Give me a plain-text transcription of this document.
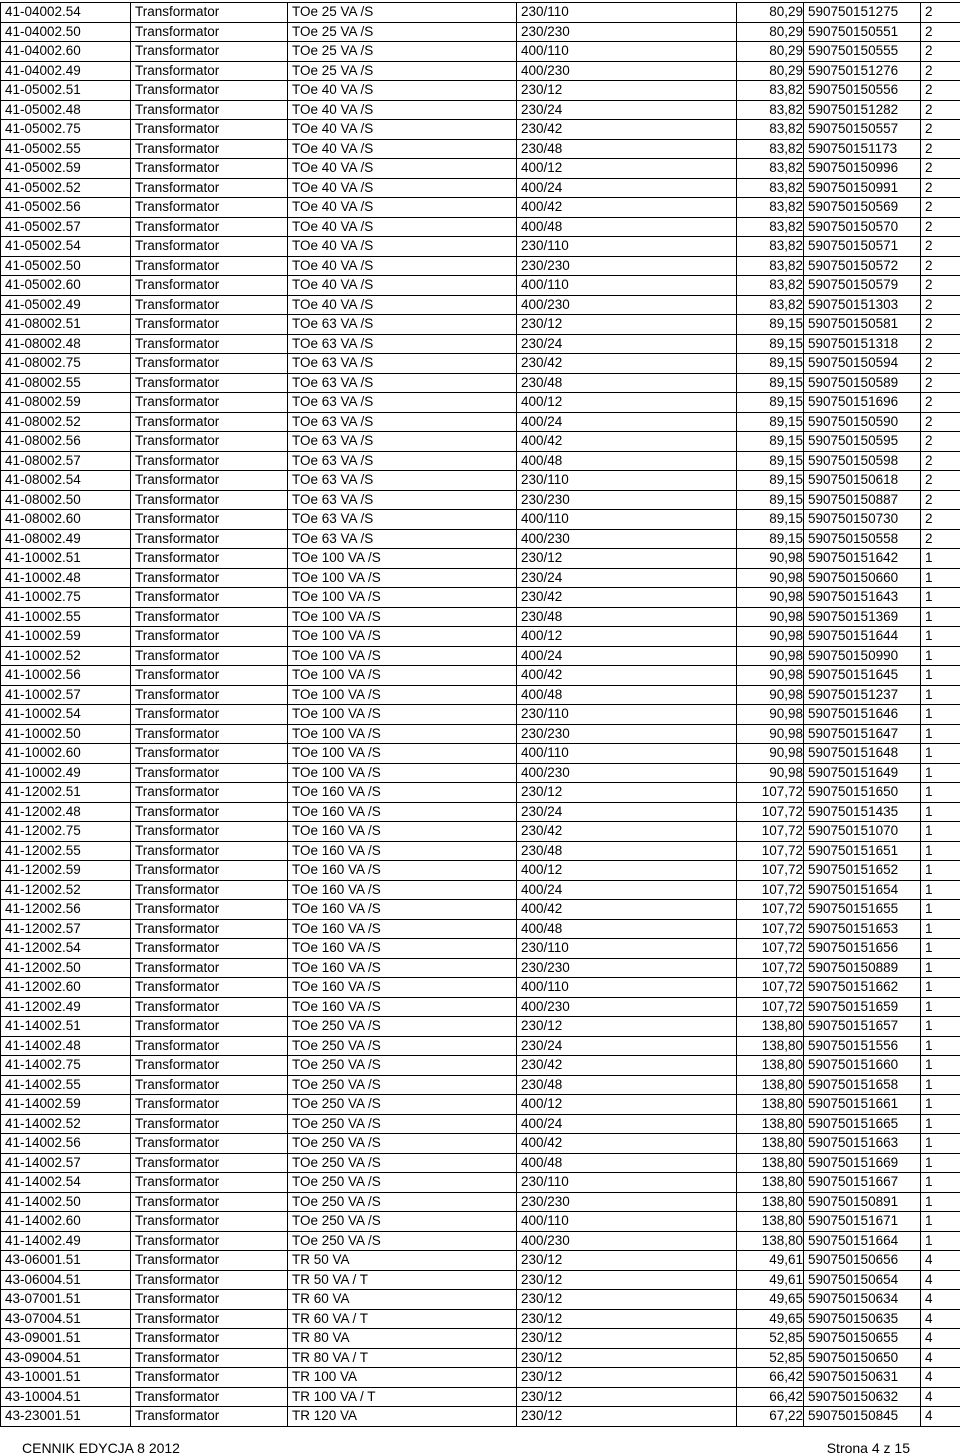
41-04002.54	Transformator	TOe 25 VA /S	230/110	80,29	590750151275	2
41-04002.50	Transformator	TOe 25 VA /S	230/230	80,29	590750150551	2
41-04002.60	Transformator	TOe 25 VA /S	400/110	80,29	590750150555	2
41-04002.49	Transformator	TOe 25 VA /S	400/230	80,29	590750151276	2
41-05002.51	Transformator	TOe 40 VA /S	230/12	83,82	590750150556	2
41-05002.48	Transformator	TOe 40 VA /S	230/24	83,82	590750151282	2
41-05002.75	Transformator	TOe 40 VA /S	230/42	83,82	590750150557	2
41-05002.55	Transformator	TOe 40 VA /S	230/48	83,82	590750151173	2
41-05002.59	Transformator	TOe 40 VA /S	400/12	83,82	590750150996	2
41-05002.52	Transformator	TOe 40 VA /S	400/24	83,82	590750150991	2
41-05002.56	Transformator	TOe 40 VA /S	400/42	83,82	590750150569	2
41-05002.57	Transformator	TOe 40 VA /S	400/48	83,82	590750150570	2
41-05002.54	Transformator	TOe 40 VA /S	230/110	83,82	590750150571	2
41-05002.50	Transformator	TOe 40 VA /S	230/230	83,82	590750150572	2
41-05002.60	Transformator	TOe 40 VA /S	400/110	83,82	590750150579	2
41-05002.49	Transformator	TOe 40 VA /S	400/230	83,82	590750151303	2
41-08002.51	Transformator	TOe 63 VA /S	230/12	89,15	590750150581	2
41-08002.48	Transformator	TOe 63 VA /S	230/24	89,15	590750151318	2
41-08002.75	Transformator	TOe 63 VA /S	230/42	89,15	590750150594	2
41-08002.55	Transformator	TOe 63 VA /S	230/48	89,15	590750150589	2
41-08002.59	Transformator	TOe 63 VA /S	400/12	89,15	590750151696	2
41-08002.52	Transformator	TOe 63 VA /S	400/24	89,15	590750150590	2
41-08002.56	Transformator	TOe 63 VA /S	400/42	89,15	590750150595	2
41-08002.57	Transformator	TOe 63 VA /S	400/48	89,15	590750150598	2
41-08002.54	Transformator	TOe 63 VA /S	230/110	89,15	590750150618	2
41-08002.50	Transformator	TOe 63 VA /S	230/230	89,15	590750150887	2
41-08002.60	Transformator	TOe 63 VA /S	400/110	89,15	590750150730	2
41-08002.49	Transformator	TOe 63 VA /S	400/230	89,15	590750150558	2
41-10002.51	Transformator	TOe 100 VA /S	230/12	90,98	590750151642	1
41-10002.48	Transformator	TOe 100 VA /S	230/24	90,98	590750150660	1
41-10002.75	Transformator	TOe 100 VA /S	230/42	90,98	590750151643	1
41-10002.55	Transformator	TOe 100 VA /S	230/48	90,98	590750151369	1
41-10002.59	Transformator	TOe 100 VA /S	400/12	90,98	590750151644	1
41-10002.52	Transformator	TOe 100 VA /S	400/24	90,98	590750150990	1
41-10002.56	Transformator	TOe 100 VA /S	400/42	90,98	590750151645	1
41-10002.57	Transformator	TOe 100 VA /S	400/48	90,98	590750151237	1
41-10002.54	Transformator	TOe 100 VA /S	230/110	90,98	590750151646	1
41-10002.50	Transformator	TOe 100 VA /S	230/230	90,98	590750151647	1
41-10002.60	Transformator	TOe 100 VA /S	400/110	90,98	590750151648	1
41-10002.49	Transformator	TOe 100 VA /S	400/230	90,98	590750151649	1
41-12002.51	Transformator	TOe 160 VA /S	230/12	107,72	590750151650	1
41-12002.48	Transformator	TOe 160 VA /S	230/24	107,72	590750151435	1
41-12002.75	Transformator	TOe 160 VA /S	230/42	107,72	590750151070	1
41-12002.55	Transformator	TOe 160 VA /S	230/48	107,72	590750151651	1
41-12002.59	Transformator	TOe 160 VA /S	400/12	107,72	590750151652	1
41-12002.52	Transformator	TOe 160 VA /S	400/24	107,72	590750151654	1
41-12002.56	Transformator	TOe 160 VA /S	400/42	107,72	590750151655	1
41-12002.57	Transformator	TOe 160 VA /S	400/48	107,72	590750151653	1
41-12002.54	Transformator	TOe 160 VA /S	230/110	107,72	590750151656	1
41-12002.50	Transformator	TOe 160 VA /S	230/230	107,72	590750150889	1
41-12002.60	Transformator	TOe 160 VA /S	400/110	107,72	590750151662	1
41-12002.49	Transformator	TOe 160 VA /S	400/230	107,72	590750151659	1
41-14002.51	Transformator	TOe 250 VA /S	230/12	138,80	590750151657	1
41-14002.48	Transformator	TOe 250 VA /S	230/24	138,80	590750151556	1
41-14002.75	Transformator	TOe 250 VA /S	230/42	138,80	590750151660	1
41-14002.55	Transformator	TOe 250 VA /S	230/48	138,80	590750151658	1
41-14002.59	Transformator	TOe 250 VA /S	400/12	138,80	590750151661	1
41-14002.52	Transformator	TOe 250 VA /S	400/24	138,80	590750151665	1
41-14002.56	Transformator	TOe 250 VA /S	400/42	138,80	590750151663	1
41-14002.57	Transformator	TOe 250 VA /S	400/48	138,80	590750151669	1
41-14002.54	Transformator	TOe 250 VA /S	230/110	138,80	590750151667	1
41-14002.50	Transformator	TOe 250 VA /S	230/230	138,80	590750150891	1
41-14002.60	Transformator	TOe 250 VA /S	400/110	138,80	590750151671	1
41-14002.49	Transformator	TOe 250 VA /S	400/230	138,80	590750151664	1
43-06001.51	Transformator	TR 50 VA	230/12	49,61	590750150656	4
43-06004.51	Transformator	TR 50 VA / T	230/12	49,61	590750150654	4
43-07001.51	Transformator	TR 60 VA	230/12	49,65	590750150634	4
43-07004.51	Transformator	TR 60 VA / T	230/12	49,65	590750150635	4
43-09001.51	Transformator	TR 80 VA	230/12	52,85	590750150655	4
43-09004.51	Transformator	TR 80 VA / T	230/12	52,85	590750150650	4
43-10001.51	Transformator	TR 100 VA	230/12	66,42	590750150631	4
43-10004.51	Transformator	TR 100 VA / T	230/12	66,42	590750150632	4
43-23001.51	Transformator	TR 120 VA	230/12	67,22	590750150845	4
CENNIK EDYCJA 8 2012	Strona 4 z 15
